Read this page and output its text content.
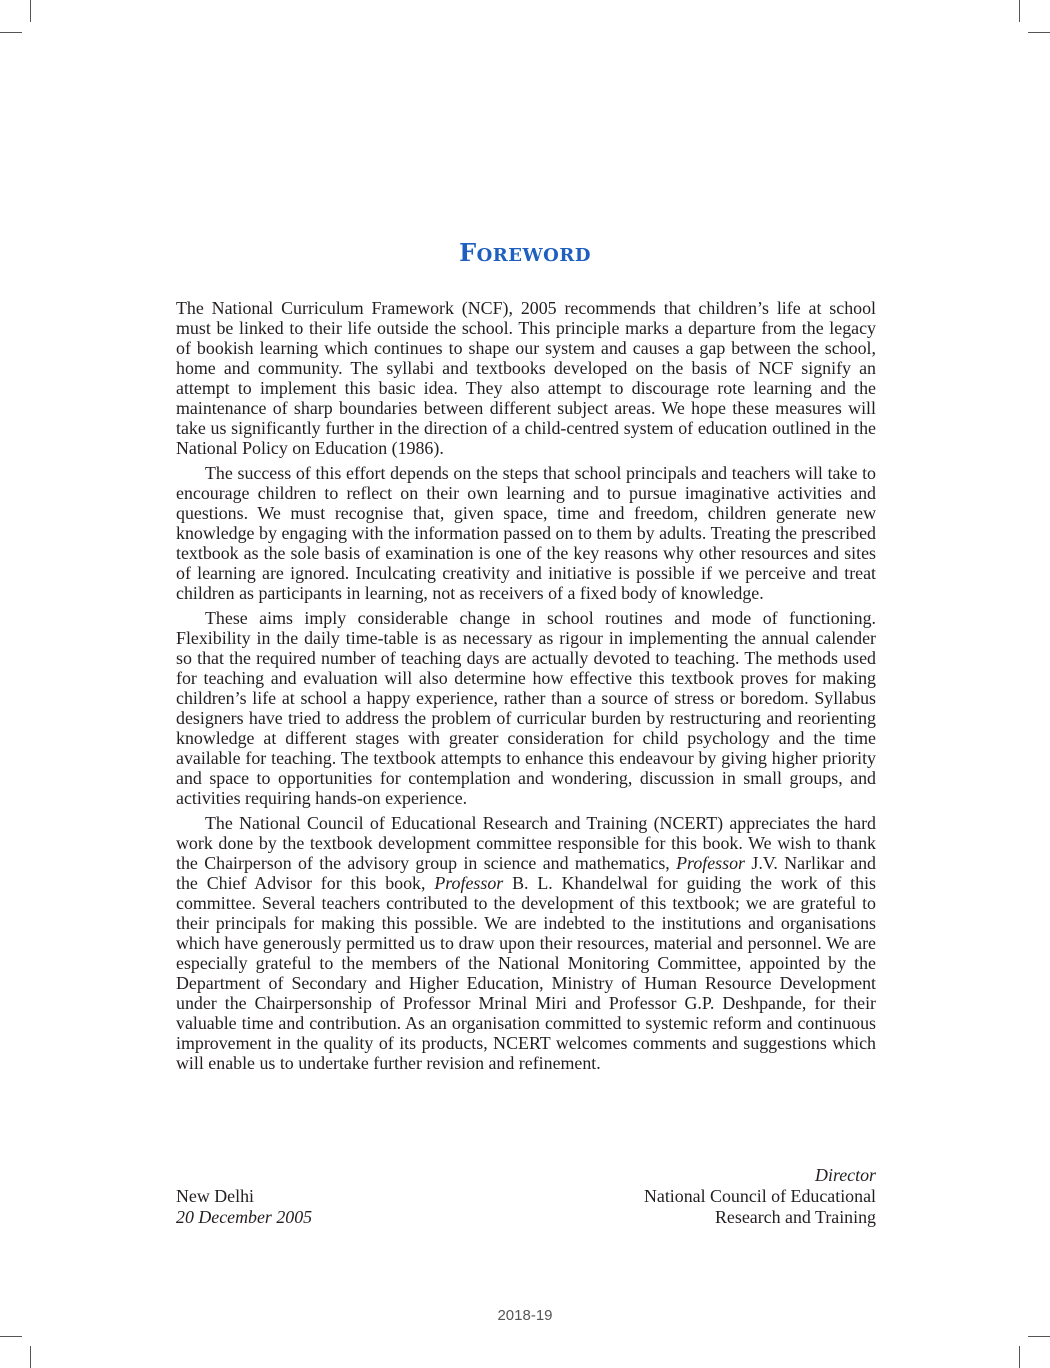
FOREWORD

The National Curriculum Framework (NCF), 2005 recommends that children’s life at school must be linked to their life outside the school. This principle marks a departure from the legacy of bookish learning which continues to shape our system and causes a gap between the school, home and community. The syllabi and textbooks developed on the basis of NCF signify an attempt to implement this basic idea. They also attempt to discourage rote learning and the maintenance of sharp boundaries between different subject areas. We hope these measures will take us significantly further in the direction of a child-centred system of education outlined in the National Policy on Education (1986).

The success of this effort depends on the steps that school principals and teachers will take to encourage children to reflect on their own learning and to pursue imaginative activities and questions. We must recognise that, given space, time and freedom, children generate new knowledge by engaging with the information passed on to them by adults. Treating the prescribed textbook as the sole basis of examination is one of the key reasons why other resources and sites of learning are ignored. Inculcating creativity and initiative is possible if we perceive and treat children as participants in learning, not as receivers of a fixed body of knowledge.

These aims imply considerable change in school routines and mode of functioning. Flexibility in the daily time-table is as necessary as rigour in implementing the annual calender so that the required number of teaching days are actually devoted to teaching. The methods used for teaching and evaluation will also determine how effective this textbook proves for making children’s life at school a happy experience, rather than a source of stress or boredom. Syllabus designers have tried to address the problem of curricular burden by restructuring and reorienting knowledge at different stages with greater consideration for child psychology and the time available for teaching. The textbook attempts to enhance this endeavour by giving higher priority and space to opportunities for contemplation and wondering, discussion in small groups, and activities requiring hands-on experience.

The National Council of Educational Research and Training (NCERT) appreciates the hard work done by the textbook development committee responsible for this book. We wish to thank the Chairperson of the advisory group in science and mathematics, Professor J.V. Narlikar and the Chief Advisor for this book, Professor B. L. Khandelwal for guiding the work of this committee. Several teachers contributed to the development of this textbook; we are grateful to their principals for making this possible. We are indebted to the institutions and organisations which have generously permitted us to draw upon their resources, material and personnel. We are especially grateful to the members of the National Monitoring Committee, appointed by the Department of Secondary and Higher Education, Ministry of Human Resource Development under the Chairpersonship of Professor Mrinal Miri and Professor G.P. Deshpande, for their valuable time and contribution. As an organisation committed to systemic reform and continuous improvement in the quality of its products, NCERT welcomes comments and suggestions which will enable us to undertake further revision and refinement.

New Delhi
20 December 2005
Director
National Council of Educational
Research and Training
2018-19
